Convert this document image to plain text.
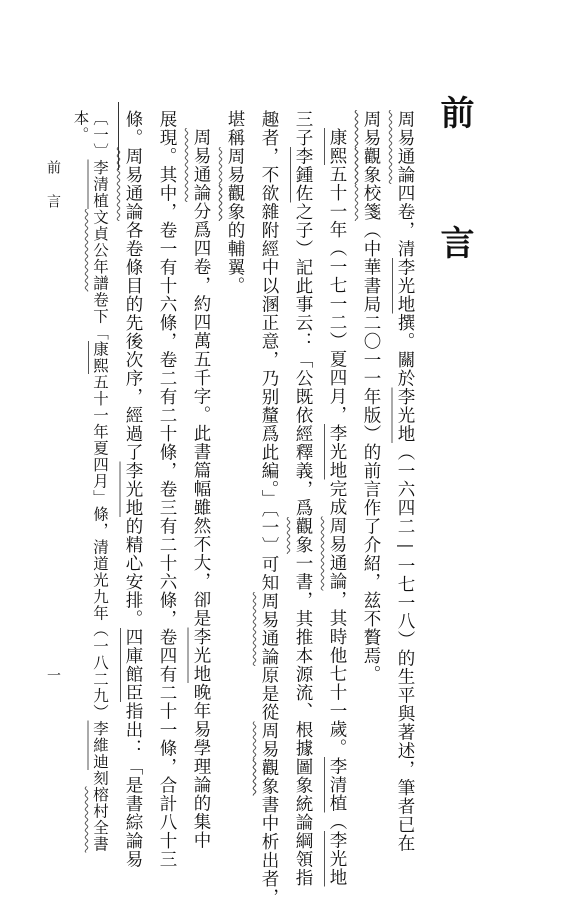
前 言
周易通論四卷，清李光地撰。關於李光地（一六四二—一七一八）的生平與著述，筆者已在
周易觀象校箋（中華書局二〇一一年版）的前言作了介紹，兹不贅焉。
康熙五十一年（一七一二）夏四月，李光地完成周易通論，其時他七十一歲。李清植（李光地
三子李鍾佐之子）記此事云：「公既依經釋義，爲觀象一書，其推本源流、根據圖象統論綱領指
趣者，不欲雜附經中以溷正意，乃别釐爲此編。」〔一〕可知周易通論原是從周易觀象書中析出者，
堪稱周易觀象的輔翼。
周易通論分爲四卷，約四萬五千字。此書篇幅雖然不大，卻是李光地晚年易學理論的集中
展現。其中，卷一有十六條，卷二有二十條，卷三有二十六條，卷四有二十一條，合計八十三
條。周易通論各卷條目的先後次序，經過了李光地的精心安排。四庫館臣指出：「是書綜論易
〔一〕李清植文貞公年譜卷下「康熙五十一年夏四月」條，清道光九年（一八二九）李維迪刻榕村全書
本。
前 言
一
